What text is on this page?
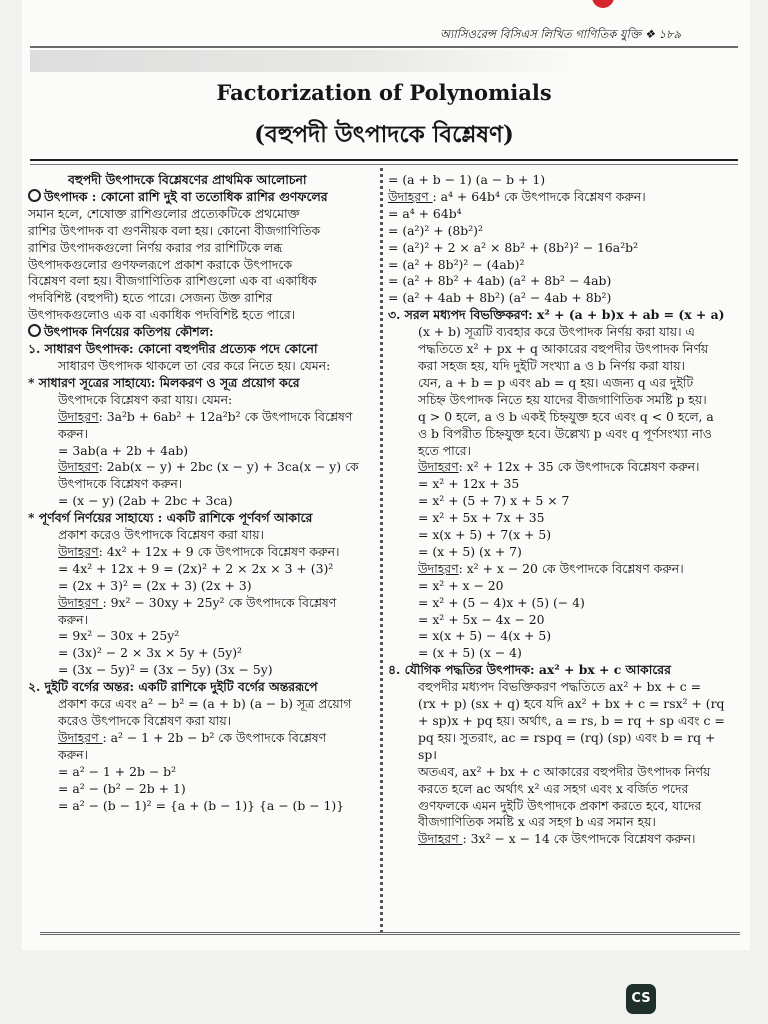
অ্যাসিওরেন্স বিসিএস লিখিত গাণিতিক যুক্তি ❖ ১৮৯
Factorization of Polynomials
(বহুপদী উৎপাদকে বিশ্লেষণ)
বহুপদী উৎপাদকে বিশ্লেষণের প্রাথমিক আলোচনা
উৎপাদক : কোনো রাশি দুই বা ততোধিক রাশির গুণফলের
সমান হলে, শেষোক্ত রাশিগুলোর প্রত্যেকটিকে প্রথমোক্ত
রাশির উৎপাদক বা গুণনীয়ক বলা হয়। কোনো বীজগাণিতিক
রাশির উৎপাদকগুলো নির্ণয় করার পর রাশিটিকে লব্ধ
উৎপাদকগুলোর গুণফলরূপে প্রকাশ করাকে উৎপাদকে
বিশ্লেষণ বলা হয়। বীজগাণিতিক রাশিগুলো এক বা একাধিক
পদবিশিষ্ট (বহুপদী) হতে পারে। সেজন্য উক্ত রাশির
উৎপাদকগুলোও এক বা একাধিক পদবিশিষ্ট হতে পারে।
উৎপাদক নির্ণয়ের কতিপয় কৌশল:
১. সাধারণ উৎপাদক: কোনো বহুপদীর প্রত্যেক পদে কোনো
সাধারণ উৎপাদক থাকলে তা বের করে নিতে হয়। যেমন:
* সাধারণ সূত্রের সাহায্যে: মিলকরণ ও সূত্র প্রয়োগ করে
উৎপাদকে বিশ্লেষণ করা যায়। যেমন:
উদাহরণ: 3a²b + 6ab² + 12a²b² কে উৎপাদকে বিশ্লেষণ
করুন।
= 3ab(a + 2b + 4ab)
উদাহরণ: 2ab(x − y) + 2bc (x − y) + 3ca(x − y) কে
উৎপাদকে বিশ্লেষণ করুন।
= (x − y) (2ab + 2bc + 3ca)
* পূর্ণবর্গ নির্ণয়ের সাহায্যে : একটি রাশিকে পূর্ণবর্গ আকারে
প্রকাশ করেও উৎপাদকে বিশ্লেষণ করা যায়।
উদাহরণ: 4x² + 12x + 9 কে উৎপাদকে বিশ্লেষণ করুন।
= 4x² + 12x + 9 = (2x)² + 2 × 2x × 3 + (3)²
= (2x + 3)² = (2x + 3) (2x + 3)
উদাহরণ : 9x² − 30xy + 25y² কে উৎপাদকে বিশ্লেষণ
করুন।
= 9x² − 30x + 25y²
= (3x)² − 2 × 3x × 5y + (5y)²
= (3x − 5y)² = (3x − 5y) (3x − 5y)
২. দুইটি বর্গের অন্তর: একটি রাশিকে দুইটি বর্গের অন্তররূপে
প্রকাশ করে এবং a² − b² = (a + b) (a − b) সূত্র প্রয়োগ
করেও উৎপাদকে বিশ্লেষণ করা যায়।
উদাহরণ : a² − 1 + 2b − b² কে উৎপাদকে বিশ্লেষণ
করুন।
= a² − 1 + 2b − b²
= a² − (b² − 2b + 1)
= a² − (b − 1)² = {a + (b − 1)} {a − (b − 1)}
= (a + b − 1) (a − b + 1)
উদাহরণ : a⁴ + 64b⁴ কে উৎপাদকে বিশ্লেষণ করুন।
= a⁴ + 64b⁴
= (a²)² + (8b²)²
= (a²)² + 2 × a² × 8b² + (8b²)² − 16a²b²
= (a² + 8b²)² − (4ab)²
= (a² + 8b² + 4ab) (a² + 8b² − 4ab)
= (a² + 4ab + 8b²) (a² − 4ab + 8b²)
৩. সরল মধ্যপদ বিভক্তিকরণ: x² + (a + b)x + ab = (x + a)
(x + b) সূত্রটি ব্যবহার করে উৎপাদক নির্ণয় করা যায়। এ
পদ্ধতিতে x² + px + q আকারের বহুপদীর উৎপাদক নির্ণয়
করা সহজ হয়, যদি দুইটি সংখ্যা a ও b নির্ণয় করা যায়।
যেন, a + b = p এবং ab = q হয়। এজন্য q এর দুইটি
সচিহ্ন উৎপাদক নিতে হয় যাদের বীজগাণিতিক সমষ্টি p হয়।
q > 0 হলে, a ও b একই চিহ্নযুক্ত হবে এবং q < 0 হলে, a
ও b বিপরীত চিহ্নযুক্ত হবে। উল্লেখ্য p এবং q পূর্ণসংখ্যা নাও
হতে পারে।
উদাহরণ: x² + 12x + 35 কে উৎপাদকে বিশ্লেষণ করুন।
= x² + 12x + 35
= x² + (5 + 7) x + 5 × 7
= x² + 5x + 7x + 35
= x(x + 5) + 7(x + 5)
= (x + 5) (x + 7)
উদাহরণ: x² + x − 20 কে উৎপাদকে বিশ্লেষণ করুন।
= x² + x − 20
= x² + (5 − 4)x + (5) (− 4)
= x² + 5x − 4x − 20
= x(x + 5) − 4(x + 5)
= (x + 5) (x − 4)
৪. যৌগিক পদ্ধতির উৎপাদক: ax² + bx + c আকারের
বহুপদীর মধ্যপদ বিভক্তিকরণ পদ্ধতিতে ax² + bx + c =
(rx + p) (sx + q) হবে যদি ax² + bx + c = rsx² + (rq
+ sp)x + pq হয়। অর্থাৎ, a = rs, b = rq + sp এবং c =
pq হয়। সুতরাং, ac = rspq = (rq) (sp) এবং b = rq +
sp।
অতএব, ax² + bx + c আকারের বহুপদীর উৎপাদক নির্ণয়
করতে হলে ac অর্থাৎ x² এর সহগ এবং x বর্জিত পদের
গুণফলকে এমন দুইটি উৎপাদকে প্রকাশ করতে হবে, যাদের
বীজগাণিতিক সমষ্টি x এর সহগ b এর সমান হয়।
উদাহরণ : 3x² − x − 14 কে উৎপাদকে বিশ্লেষণ করুন।
CS
